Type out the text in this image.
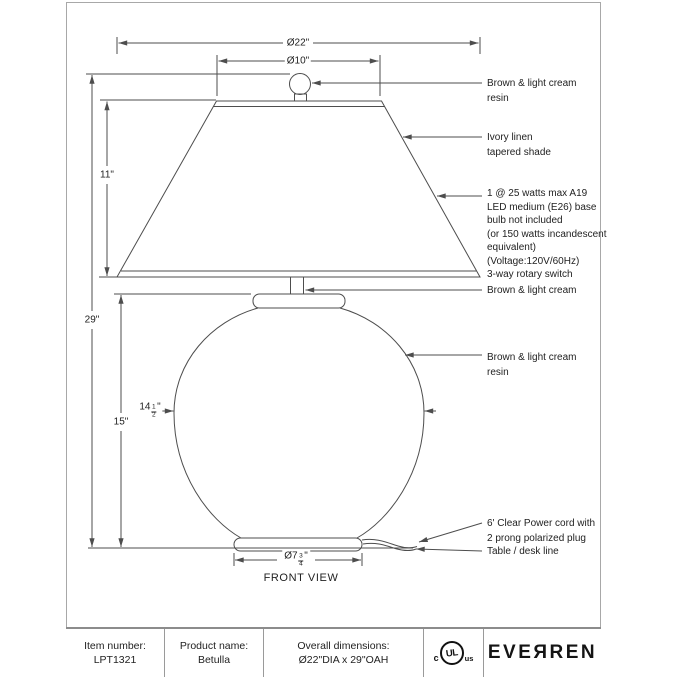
Ø22"
Ø10"
11"
29"
15"
$14 \frac{1}{2}$ "
Ø7 $\frac{3}{4}$ "
Brown & light cream
resin
Ivory linen
tapered shade
1 @ 25 watts max A19
LED medium (E26) base
bulb not included
(or 150 watts incandescent
equivalent)
(Voltage:120V/60Hz)
3-way rotary switch
Brown & light cream
Brown & light cream
resin
6' Clear Power cord with
2 prong polarized plug
Table / desk line
FRONT VIEW
Item number:
LPT1321
Product name:
Betulla
Overall dimensions:
Ø22"DIA x 29"OAH	c UL us EVEЯREN
